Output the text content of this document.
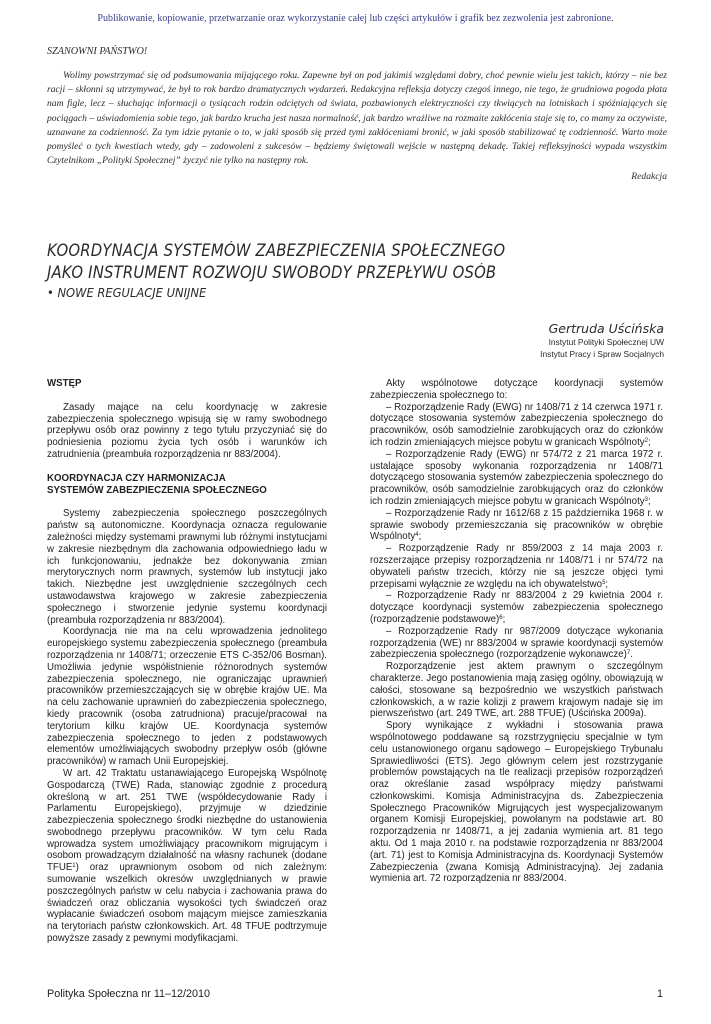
Publikowanie, kopiowanie, przetwarzanie oraz wykorzystanie całej lub części artykułów i grafik bez zezwolenia jest zabronione.
SZANOWNI PAŃSTWO!
Wolimy powstrzymać się od podsumowania mijającego roku. Zapewne był on pod jakimiś względami dobry, choć pewnie wielu jest takich, którzy – nie bez racji – skłonni są utrzymywać, że był to rok bardzo dramatycznych wydarzeń. Redakcyjna refleksja dotyczy czegoś innego, nie tego, że grudniowa pogoda płata nam figle, lecz – słuchając informacji o tysiącach rodzin odciętych od świata, pozbawionych elektryczności czy tkwiących na lotniskach i spóźniających się pociągach – uświadomienia sobie tego, jak bardzo krucha jest nasza normalność, jak bardzo wrażliwe na rozmaite zakłócenia staje się to, co mamy za oczywiste, uznawane za codzienność. Za tym idzie pytanie o to, w jaki sposób się przed tymi zakłóceniami bronić, w jaki sposób stabilizować tę codzienność. Warto może pomyśleć o tych kwestiach wtedy, gdy – zadowoleni z sukcesów – będziemy świętowali wejście w następną dekadę. Takiej refleksyjności wypada wszystkim Czytelnikom „Polityki Społecznej” życzyć nie tylko na następny rok.
Redakcja
KOORDYNACJA SYSTEMÓW ZABEZPIECZENIA SPOŁECZNEGO
JAKO INSTRUMENT ROZWOJU SWOBODY PRZEPŁYWU OSÓB
• NOWE REGULACJE UNIJNE
Gertruda Uścińska
Instytut Polityki Społecznej UW
Instytut Pracy i Spraw Socjalnych
WSTĘP

Zasady mające na celu koordynację w zakresie zabezpieczenia społecznego wpisują się w ramy swobodnego przepływu osób oraz powinny z tego tytułu przyczyniać się do podniesienia poziomu życia tych osób i warunków ich zatrudnienia (preambuła rozporządzenia nr 883/2004).

KOORDYNACJA CZY HARMONIZACJA
SYSTEMÓW ZABEZPIECZENIA SPOŁECZNEGO

Systemy zabezpieczenia społecznego poszczególnych państw są autonomiczne. Koordynacja oznacza regulowanie zależności między systemami prawnymi lub różnymi instytucjami w zakresie niezbędnym dla zachowania odpowiedniego ładu w ich funkcjonowaniu, jednakże bez dokonywania zmian merytorycznych norm prawnych, systemów lub instytucji jako takich. Niezbędne jest uwzględnienie szczególnych cech ustawodawstwa krajowego w zakresie zabezpieczenia społecznego i stworzenie jedynie systemu koordynacji (preambuła rozporządzenia nr 883/2004).

Koordynacja nie ma na celu wprowadzenia jednolitego europejskiego systemu zabezpieczenia społecznego (preambuła rozporządzenia nr 1408/71; orzeczenie ETS C-352/06 Bosman). Umożliwia jedynie współistnienie różnorodnych systemów zabezpieczenia społecznego, nie ograniczając uprawnień pracowników przemieszczających się w obrębie krajów UE. Ma na celu zachowanie uprawnień do zabezpieczenia społecznego, kiedy pracownik (osoba zatrudniona) pracuje/pracował na terytorium kilku krajów UE. Koordynacja systemów zabezpieczenia społecznego to jeden z podstawowych elementów umożliwiających swobodny przepływ osób (główne pracowników) w ramach Unii Europejskiej.

W art. 42 Traktatu ustanawiającego Europejską Wspólnotę Gospodarczą (TWE) Rada, stanowiąc zgodnie z procedurą określoną w art. 251 TWE (współdecydowanie Rady i Parlamentu Europejskiego), przyjmuje w dziedzinie zabezpieczenia społecznego środki niezbędne do ustanowienia swobodnego przepływu pracowników. W tym celu Rada wprowadza system umożliwiający pracownikom migrującym i osobom prowadzącym działalność na własny rachunek (dodane TFUE$^1$) oraz uprawnionym osobom od nich zależnym: sumowanie wszelkich okresów uwzględnianych w prawie poszczególnych państw w celu nabycia i zachowania prawa do świadczeń oraz obliczania wysokości tych świadczeń oraz wypłacanie świadczeń osobom mającym miejsce zamieszkania na terytoriach państw członkowskich. Art. 48 TFUE podtrzymuje powyższe zasady z pewnymi modyfikacjami.

Akty wspólnotowe dotyczące koordynacji systemów zabezpieczenia społecznego to:

– Rozporządzenie Rady (EWG) nr 1408/71 z 14 czerwca 1971 r. dotyczące stosowania systemów zabezpieczenia społecznego do pracowników, osób samodzielnie zarobkujących oraz do członków ich rodzin zmieniających miejsce pobytu w granicach Wspólnoty$^2$;

– Rozporządzenie Rady (EWG) nr 574/72 z 21 marca 1972 r. ustalające sposoby wykonania rozporządzenia nr 1408/71 dotyczącego stosowania systemów zabezpieczenia społecznego do pracowników, osób samodzielnie zarobkujących oraz do członków ich rodzin zmieniających miejsce pobytu w granicach Wspólnoty$^3$;

– Rozporządzenie Rady nr 1612/68 z 15 października 1968 r. w sprawie swobody przemieszczania się pracowników w obrębie Wspólnoty$^4$;

– Rozporządzenie Rady nr 859/2003 z 14 maja 2003 r. rozszerzające przepisy rozporządzenia nr 1408/71 i nr 574/72 na obywateli państw trzecich, którzy nie są jeszcze objęci tymi przepisami wyłącznie ze względu na ich obywatelstwo$^5$;

– Rozporządzenie Rady nr 883/2004 z 29 kwietnia 2004 r. dotyczące koordynacji systemów zabezpieczenia społecznego (rozporządzenie podstawowe)$^6$;

– Rozporządzenie Rady nr 987/2009 dotyczące wykonania rozporządzenia (WE) nr 883/2004 w sprawie koordynacji systemów zabezpieczenia społecznego (rozporządzenie wykonawcze)$^7$.

Rozporządzenie jest aktem prawnym o szczególnym charakterze. Jego postanowienia mają zasięg ogólny, obowiązują w całości, stosowane są bezpośrednio we wszystkich państwach członkowskich, a w razie kolizji z prawem krajowym nadaje się im pierwszeństwo (art. 249 TWE, art. 288 TFUE) (Uścińska 2009a).

Spory wynikające z wykładni i stosowania prawa wspólnotowego poddawane są rozstrzygnięciu specjalnie w tym celu ustanowionego organu sądowego – Europejskiego Trybunału Sprawiedliwości (ETS). Jego głównym celem jest rozstrzyganie problemów powstających na tle realizacji przepisów rozporządzeń oraz określanie zasad współpracy między państwami członkowskimi. Komisja Administracyjna ds. Zabezpieczenia Społecznego Pracowników Migrujących jest wyspecjalizowanym organem Komisji Europejskiej, powołanym na podstawie art. 80 rozporządzenia nr 1408/71, a jej zadania wymienia art. 81 tego aktu. Od 1 maja 2010 r. na podstawie rozporządzenia nr 883/2004 (art. 71) jest to Komisja Administracyjna ds. Koordynacji Systemów Zabezpieczenia (zwana Komisją Administracyjną). Jej zadania wymienia art. 72 rozporządzenia nr 883/2004.

Polityka Społeczna nr 11–12/2010	1
